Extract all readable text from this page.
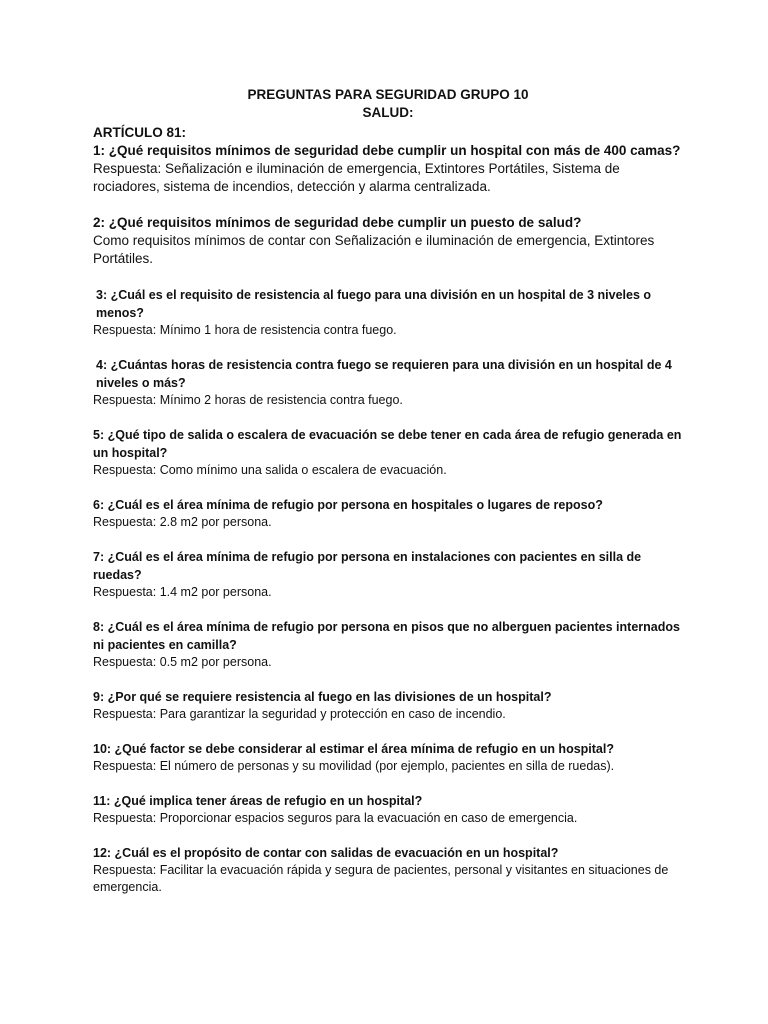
PREGUNTAS PARA SEGURIDAD GRUPO 10
SALUD:
ARTÍCULO 81:
1: ¿Qué requisitos mínimos de seguridad debe cumplir un hospital con más de 400 camas?
Respuesta: Señalización e iluminación de emergencia, Extintores Portátiles, Sistema de rociadores, sistema de incendios, detección y alarma centralizada.
2: ¿Qué requisitos mínimos de seguridad debe cumplir un puesto de salud?
Como requisitos mínimos de contar con Señalización e iluminación de emergencia, Extintores Portátiles.
3: ¿Cuál es el requisito de resistencia al fuego para una división en un hospital de 3 niveles o menos?
Respuesta: Mínimo 1 hora de resistencia contra fuego.
4: ¿Cuántas horas de resistencia contra fuego se requieren para una división en un hospital de 4 niveles o más?
Respuesta: Mínimo 2 horas de resistencia contra fuego.
5: ¿Qué tipo de salida o escalera de evacuación se debe tener en cada área de refugio generada en un hospital?
Respuesta: Como mínimo una salida o escalera de evacuación.
6: ¿Cuál es el área mínima de refugio por persona en hospitales o lugares de reposo?
Respuesta: 2.8 m2 por persona.
7: ¿Cuál es el área mínima de refugio por persona en instalaciones con pacientes en silla de ruedas?
Respuesta: 1.4 m2 por persona.
8: ¿Cuál es el área mínima de refugio por persona en pisos que no alberguen pacientes internados ni pacientes en camilla?
Respuesta: 0.5 m2 por persona.
9: ¿Por qué se requiere resistencia al fuego en las divisiones de un hospital?
Respuesta: Para garantizar la seguridad y protección en caso de incendio.
10: ¿Qué factor se debe considerar al estimar el área mínima de refugio en un hospital?
Respuesta: El número de personas y su movilidad (por ejemplo, pacientes en silla de ruedas).
11: ¿Qué implica tener áreas de refugio en un hospital?
Respuesta: Proporcionar espacios seguros para la evacuación en caso de emergencia.
12: ¿Cuál es el propósito de contar con salidas de evacuación en un hospital?
Respuesta: Facilitar la evacuación rápida y segura de pacientes, personal y visitantes en situaciones de emergencia.
